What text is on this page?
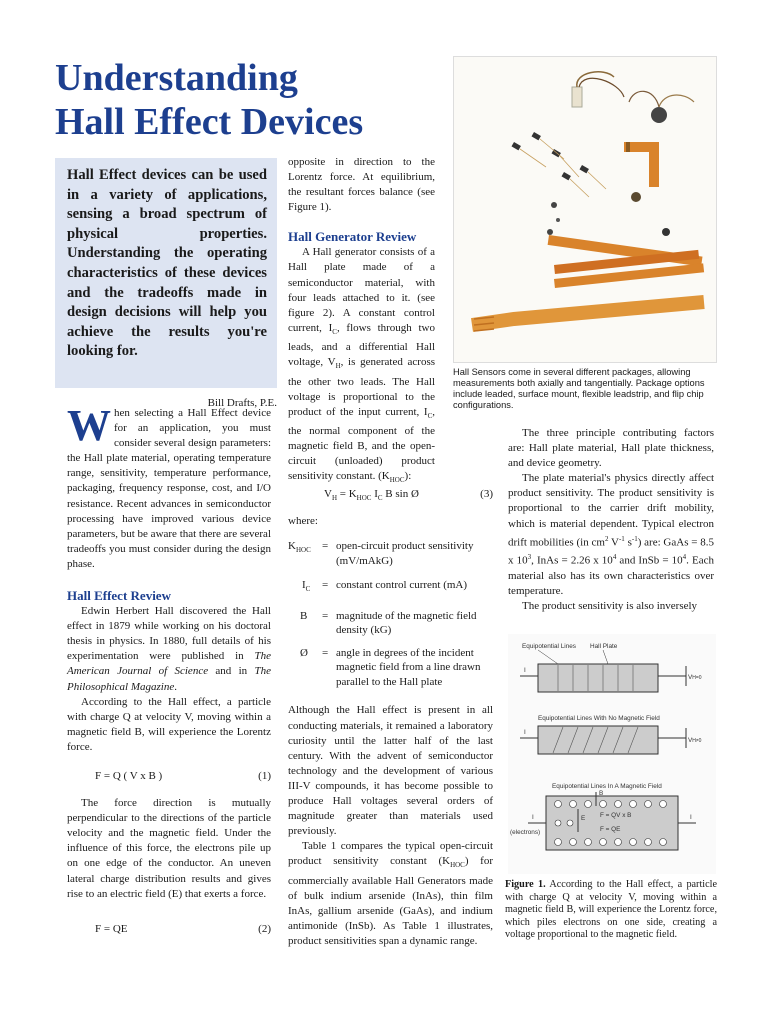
Understanding
Hall Effect Devices
Hall Effect devices can be used in a variety of applications, sensing a broad spectrum of physical properties. Understanding the operating characteristics of these devices and the tradeoffs made in design decisions will help you achieve the results you're looking for.
Bill Drafts, P.E.

When selecting a Hall Effect device for an application, you must consider several design parameters: the Hall plate material, operating temperature range, sensitivity, temperature performance, packaging, frequency response, cost, and I/O resistance. Recent advances in semiconductor processing have improved various device parameters, but be aware that there are several tradeoffs you must consider during the design phase.

Hall Effect Review

Edwin Herbert Hall discovered the Hall effect in 1879 while working on his doctoral thesis in physics. In 1880, full details of his experimentation were published in The American Journal of Science and in The Philosophical Magazine.

According to the Hall effect, a particle with charge Q at velocity V, moving within a magnetic field B, will experience the Lorentz force.

F = Q ( V x B )	(1)

The force direction is mutually perpendicular to the directions of the particle velocity and the magnetic field. Under the influence of this force, the electrons pile up on one edge of the conductor. An uneven lateral charge distribution results and gives rise to an electric field (E) that exerts a force.

F = QE	(2)

opposite in direction to the Lorentz force. At equilibrium, the resultant forces balance (see Figure 1).

Hall Generator Review

A Hall generator consists of a Hall plate made of a semiconductor material, with four leads attached to it. (see figure 2). A constant control current, $I_C$, flows through two leads, and a differential Hall voltage, $V_H$, is generated across the other two leads. The Hall voltage is proportional to the product of the input current, $I_C$, the normal component of the magnetic field B, and the open-circuit (unloaded) product sensitivity constant. $(K_{HOC})$:

$V_H = K_{HOC}$ $I_C$ B sin Ø	(3)
where:
$K_{HOC}$	= open-circuit product sensitivity (mV/mAkG)
$I_C$	= constant control current (mA)
B	= magnitude of the magnetic field density (kG)
Ø	= angle in degrees of the incident magnetic field from a line drawn parallel to the Hall plate

Although the Hall effect is present in all conducting materials, it remained a laboratory curiosity until the latter half of the last century. With the advent of semiconductor technology and the development of various III-V compounds, it has become possible to produce Hall voltages several orders of magnitude greater than materials used previously.

Table 1 compares the typical open-circuit product sensitivity constant $(K_{HOC})$ for commercially available Hall Generators made of bulk indium arsenide (InAs), thin film InAs, gallium arsenide (GaAs), and indium antimonide (InSb). As Table 1 illustrates, product sensitivities span a dynamic range.

Hall Sensors come in several different packages, allowing measurements both axially and tangentially. Package options include leaded, surface mount, flexible leadstrip, and flip chip configurations.

The three principle contributing factors are: Hall plate material, Hall plate thickness, and device geometry.

The plate material's physics directly affect product sensitivity. The product sensitivity is proportional to the carrier drift mobility, which is material dependent. Typical electron drift mobilities (in $cm^2$ $V^{-1}$ $s^{-1}$) are: GaAs = 8.5 x $10^3$, InAs = 2.26 x $10^4$ and InSb = $10^4$. Each material also has its own characteristics over temperature.

The product sensitivity is also inversely

Equipotential Lines Hall Plate
I
VH=0
Equipotential Lines With No Magnetic Field
I
VH≠0
Equipotential Lines In A Magnetic Field
E
B
F = QV x B
F = QE
I
(electrons)
I
Figure 1. According to the Hall effect, a particle with charge Q at velocity V, moving within a magnetic field B, will experience the Lorentz force, which piles electrons on one side, creating a voltage proportional to the magnetic field.
